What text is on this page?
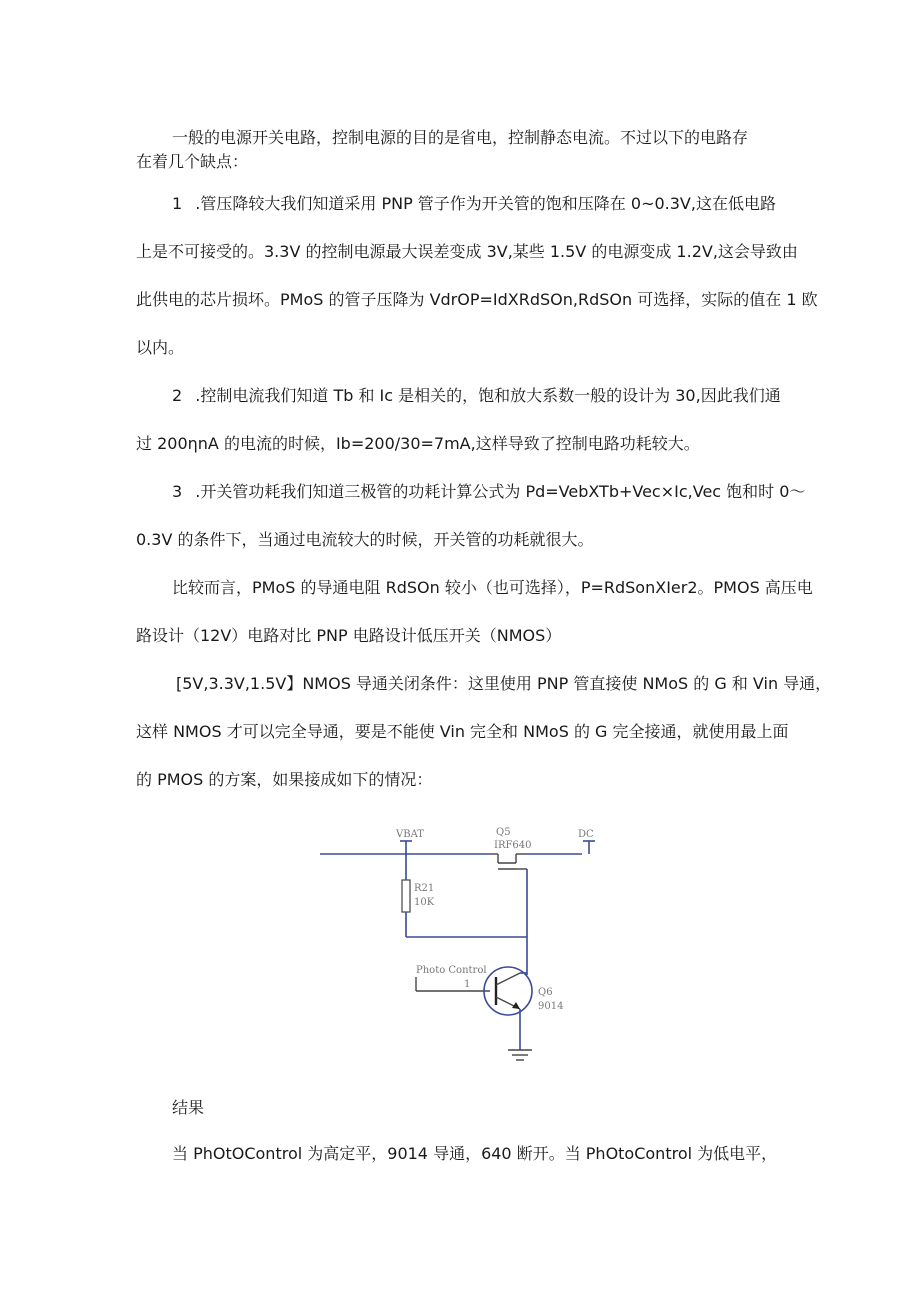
一般的电源开关电路，控制电源的目的是省电，控制静态电流。不过以下的电路存
在着几个缺点：

1 .管压降较大我们知道采用 PNP 管子作为开关管的饱和压降在 0~0.3V,这在低电路
上是不可接受的。3.3V 的控制电源最大误差变成 3V,某些 1.5V 的电源变成 1.2V,这会导致由
此供电的芯片损坏。PMoS 的管子压降为 VdrOP=IdXRdSOn,RdSOn 可选择，实际的值在 1 欧
以内。
2 .控制电流我们知道 Tb 和 Ic 是相关的，饱和放大系数一般的设计为 30,因此我们通
过 200ηnA 的电流的时候，Ib=200/30=7mA,这样导致了控制电路功耗较大。
3 .开关管功耗我们知道三极管的功耗计算公式为 Pd=VebXTb+Vec×Ic,Vec 饱和时 0〜
0.3V 的条件下，当通过电流较大的时候，开关管的功耗就很大。
比较而言，PMoS 的导通电阻 RdSOn 较小（也可选择），P=RdSonXIer2。PMOS 高压电
路设计（12V）电路对比 PNP 电路设计低压开关（NMOS）
[5V,3.3V,1.5V】NMOS 导通关闭条件：这里使用 PNP 管直接使 NMoS 的 G 和 Vin 导通，
这样 NMOS 才可以完全导通，要是不能使 Vin 完全和 NMoS 的 G 完全接通，就使用最上面
的 PMOS 的方案，如果接成如下的情况：
VBAT	DC
Q5
IRF640
R21
10K
Photo Control
1
Q6
9014
结果
当 PhOtOControl 为高定平，9014 导通，640 断开。当 PhOtoControl 为低电平，
